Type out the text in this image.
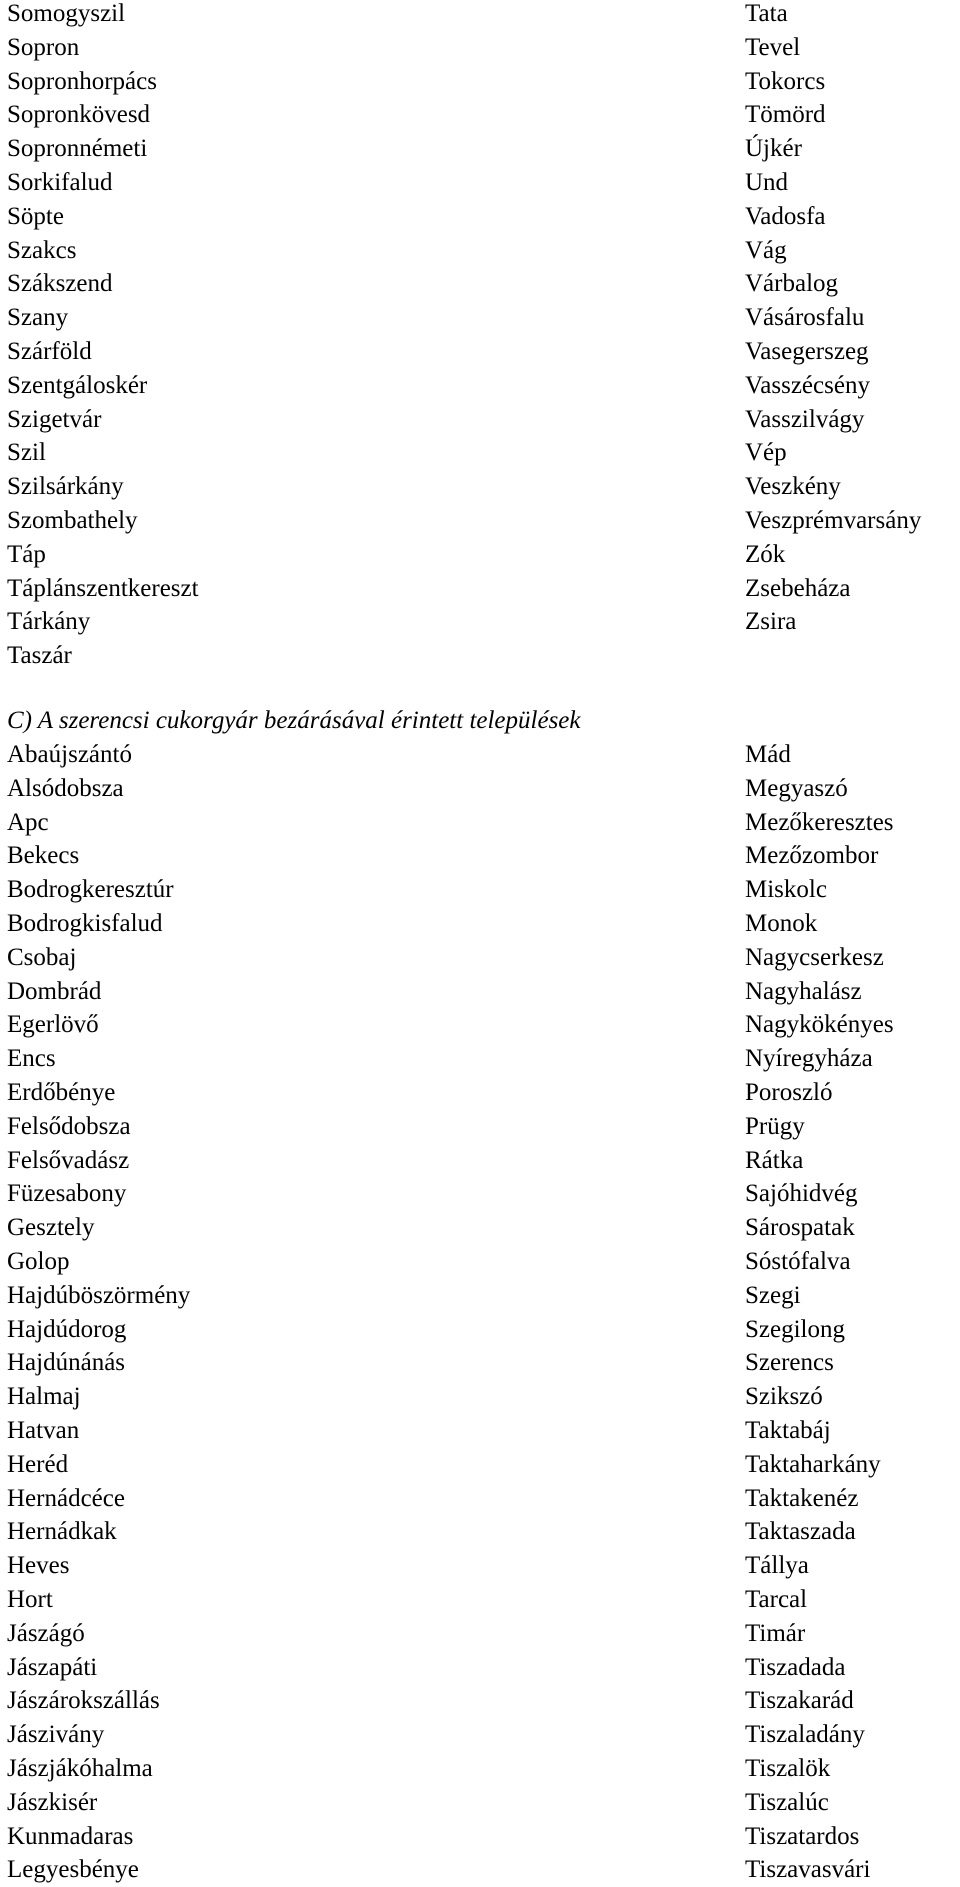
Somogyszil
Sopron
Sopronhorpács
Sopronkövesd
Sopronnémeti
Sorkifalud
Söpte
Szakcs
Szákszend
Szany
Szárföld
Szentgáloskér
Szigetvár
Szil
Szilsárkány
Szombathely
Táp
Táplánszentkereszt
Tárkány
Taszár
Tata
Tevel
Tokorcs
Tömörd
Újkér
Und
Vadosfa
Vág
Várbalog
Vásárosfalu
Vasegerszeg
Vasszécsény
Vasszilvágy
Vép
Veszkény
Veszprémvarsány
Zók
Zsebeháza
Zsira
C) A szerencsi cukorgyár bezárásával érintett települések
Abaújszántó
Alsódobsza
Apc
Bekecs
Bodrogkeresztúr
Bodrogkisfalud
Csobaj
Dombrád
Egerlövő
Encs
Erdőbénye
Felsődobsza
Felsővadász
Füzesabony
Gesztely
Golop
Hajdúböszörmény
Hajdúdorog
Hajdúnánás
Halmaj
Hatvan
Heréd
Hernádcéce
Hernádkak
Heves
Hort
Jászágó
Jászapáti
Jászárokszállás
Jászivány
Jászjákóhalma
Jászkisér
Kunmadaras
Legyesbénye
Mád
Megyaszó
Mezőkeresztes
Mezőzombor
Miskolc
Monok
Nagycserkesz
Nagyhalász
Nagykökényes
Nyíregyháza
Poroszló
Prügy
Rátka
Sajóhidvég
Sárospatak
Sóstófalva
Szegi
Szegilong
Szerencs
Szikszó
Taktabáj
Taktaharkány
Taktakenéz
Taktaszada
Tállya
Tarcal
Timár
Tiszadada
Tiszakarád
Tiszaladány
Tiszalök
Tiszalúc
Tiszatardos
Tiszavasvári
